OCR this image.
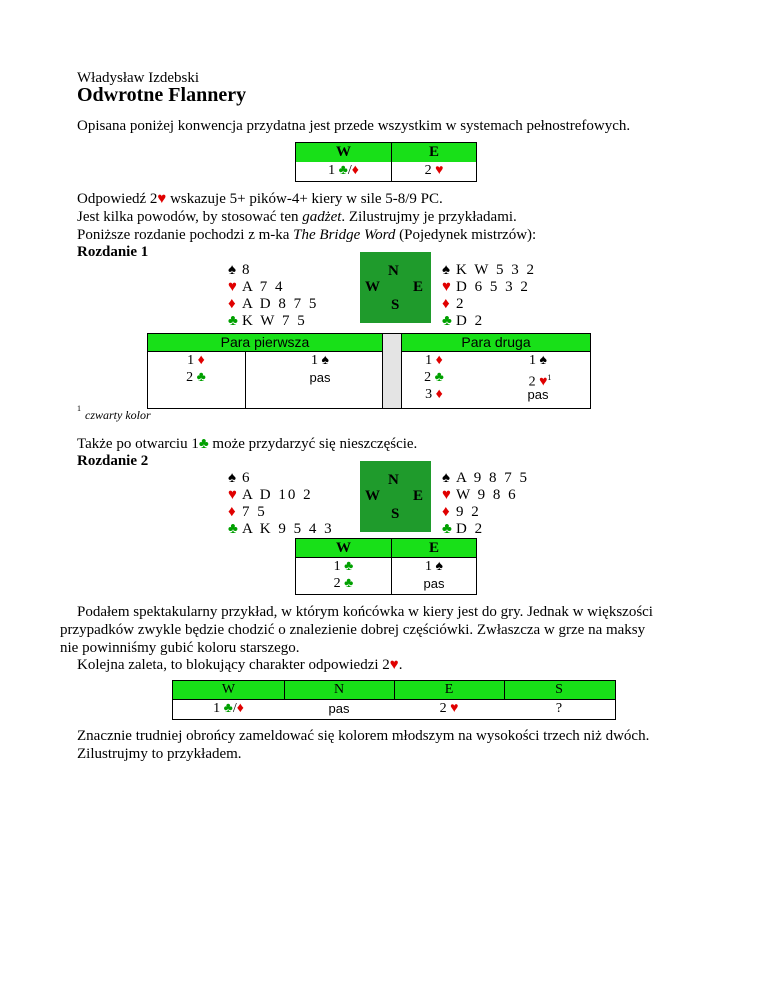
Władysław Izdebski
Odwrotne Flannery
Opisana poniżej konwencja przydatna jest przede wszystkim w systemach pełnostrefowych.
W	E
1 ♣/♦	2 ♥
Odpowiedź 2♥ wskazuje 5+ pików-4+ kiery w sile 5-8/9 PC.
Jest kilka powodów, by stosować ten gadżet. Zilustrujmy je przykładami.
Poniższe rozdanie pochodzi z m-ka The Bridge Word (Pojedynek mistrzów):
Rozdanie 1
♠ 8
♥ A 7 4
♦ A D 8 7 5
♣ K W 7 5
N
W E
S
♠ K W 5 3 2
♥ D 6 5 3 2
♦ 2
♣ D 2
Para pierwsza	Para druga
1 ♦	1 ♠
2 ♣	pas
1 ♦	1 ♠
2 ♣	2 ♥$^1$
3 ♦	pas
1 czwarty kolor
Także po otwarciu 1♣ może przydarzyć się nieszczęście.
Rozdanie 2
♠ 6
♥ A D 10 2
♦ 7 5
♣ A K 9 5 4 3
N
W E
S
♠ A 9 8 7 5
♥ W 9 8 6
♦ 9 2
♣ D 2
W	E
1 ♣	1 ♠
2 ♣	pas
Podałem spektakularny przykład, w którym końcówka w kiery jest do gry. Jednak w większości
przypadków zwykle będzie chodzić o znalezienie dobrej częściówki. Zwłaszcza w grze na maksy
nie powinniśmy gubić koloru starszego.
Kolejna zaleta, to blokujący charakter odpowiedzi 2♥.
W	N	E	S
1 ♣/♦	pas	2 ♥	?
Znacznie trudniej obrońcy zameldować się kolorem młodszym na wysokości trzech niż dwóch.
Zilustrujmy to przykładem.
